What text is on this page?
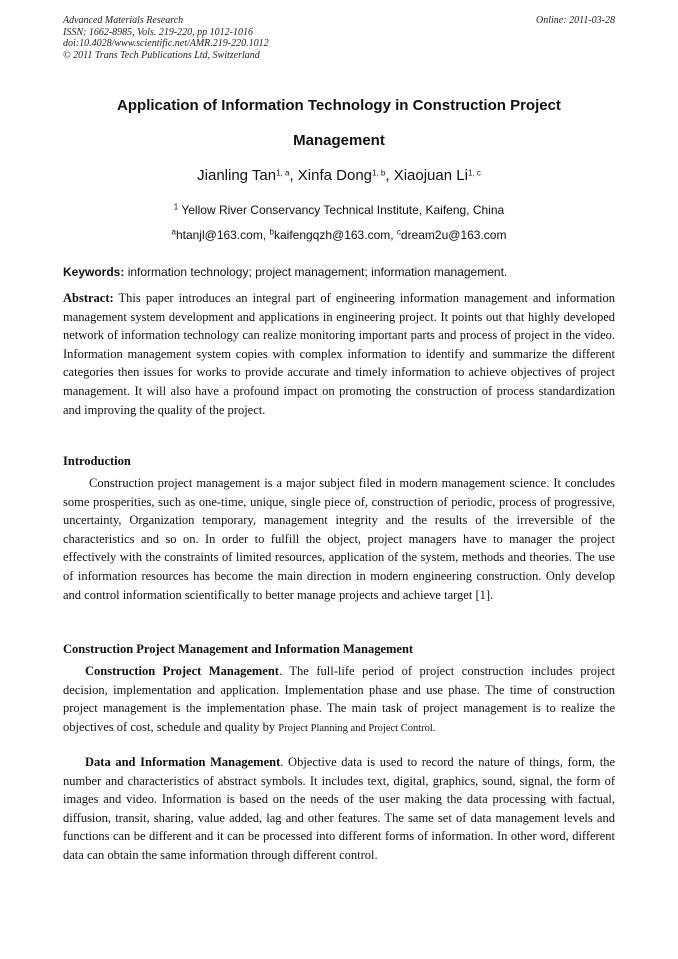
Advanced Materials Research
ISSN: 1662-8985, Vols. 219-220, pp 1012-1016
doi:10.4028/www.scientific.net/AMR.219-220.1012
© 2011 Trans Tech Publications Ltd, Switzerland
Online: 2011-03-28
Application of Information Technology in Construction Project
Management
Jianling Tan$^{1, a}$, Xinfa Dong$^{1, b}$, Xiaojuan Li$^{1, c}$
$^1$ Yellow River Conservancy Technical Institute, Kaifeng, China
$^a$htanjl@163.com, $^b$kaifengqzh@163.com, $^c$dream2u@163.com
Keywords: information technology; project management; information management.

Abstract: This paper introduces an integral part of engineering information management and information management system development and applications in engineering project. It points out that highly developed network of information technology can realize monitoring important parts and process of project in the video. Information management system copies with complex information to identify and summarize the different categories then issues for works to provide accurate and timely information to achieve objectives of project management. It will also have a profound impact on promoting the construction of process standardization and improving the quality of the project.

Introduction

Construction project management is a major subject filed in modern management science. It concludes some prosperities, such as one-time, unique, single piece of, construction of periodic, process of progressive, uncertainty, Organization temporary, management integrity and the results of the irreversible of the characteristics and so on. In order to fulfill the object, project managers have to manager the project effectively with the constraints of limited resources, application of the system, methods and theories. The use of information resources has become the main direction in modern engineering construction. Only develop and control information scientifically to better manage projects and achieve target [1].

Construction Project Management and Information Management

Construction Project Management. The full-life period of project construction includes project decision, implementation and application. Implementation phase and use phase. The time of construction project management is the implementation phase. The main task of project management is to realize the objectives of cost, schedule and quality by Project Planning and Project Control.

Data and Information Management. Objective data is used to record the nature of things, form, the number and characteristics of abstract symbols. It includes text, digital, graphics, sound, signal, the form of images and video. Information is based on the needs of the user making the data processing with factual, diffusion, transit, sharing, value added, lag and other features. The same set of data management levels and functions can be different and it can be processed into different forms of information. In other word, different data can obtain the same information through different control.
